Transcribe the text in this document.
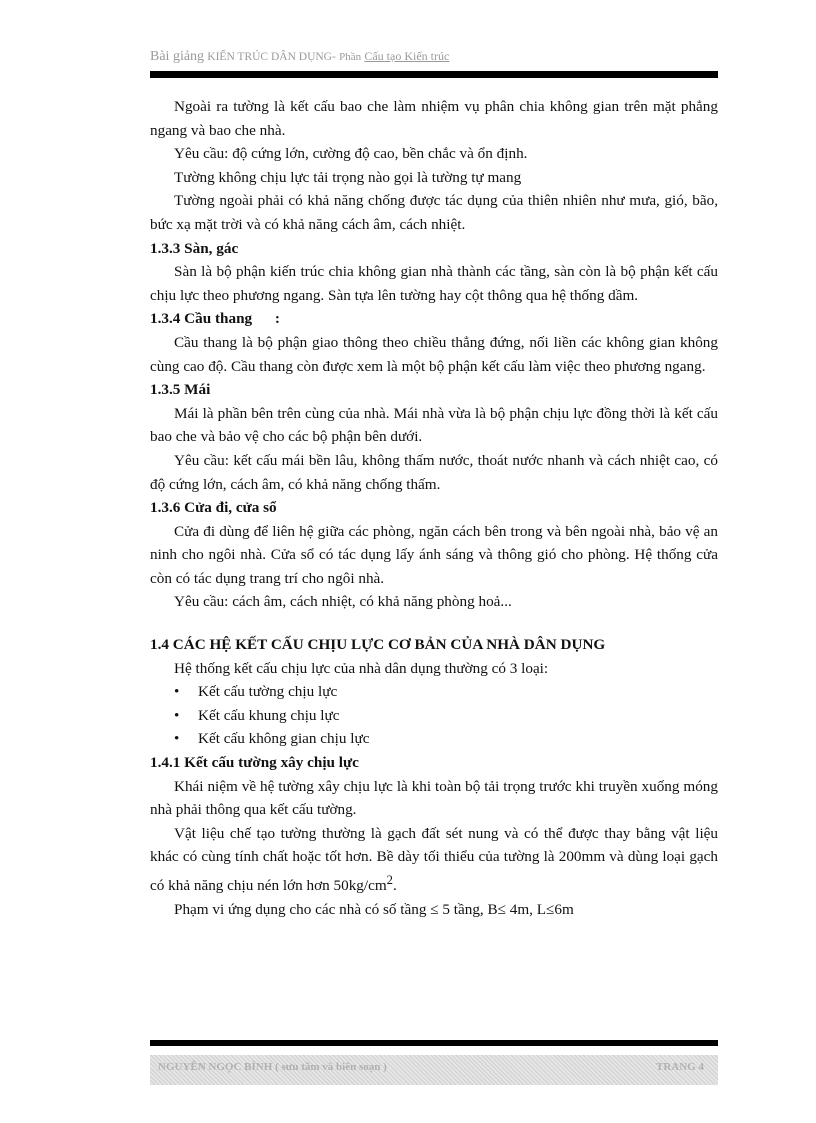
Bài giảng KIẾN TRÚC DÂN DỤNG- Phần Cấu tạo Kiến trúc

Ngoài ra tường là kết cấu bao che làm nhiệm vụ phân chia không gian trên mặt phẳng ngang và bao che nhà.

Yêu cầu: độ cứng lớn, cường độ cao, bền chắc và ổn định.

Tường không chịu lực tải trọng nào gọi là tường tự mang

Tường ngoài phải có khả năng chống được tác dụng của thiên nhiên như mưa, gió, bão, bức xạ mặt trời và có khả năng cách âm, cách nhiệt.

1.3.3 Sàn, gác

Sàn là bộ phận kiến trúc chia không gian nhà thành các tầng, sàn còn là bộ phận kết cấu chịu lực theo phương ngang. Sàn tựa lên tường hay cột thông qua hệ thống dầm.

1.3.4 Cầu thang      :

Cầu thang là bộ phận giao thông theo chiều thẳng đứng, nối liền các không gian không cùng cao độ. Cầu thang còn được xem là một bộ phận kết cấu làm việc theo phương ngang.

1.3.5 Mái

Mái là phần bên trên cùng của nhà. Mái nhà vừa là bộ phận chịu lực đồng thời là kết cấu bao che và bảo vệ cho các bộ phận bên dưới.

Yêu cầu: kết cấu mái bền lâu, không thấm nước, thoát nước nhanh và cách nhiệt cao, có độ cứng lớn, cách âm, có khả năng chống thấm.

1.3.6 Cửa đi, cửa sổ

Cửa đi dùng để liên hệ giữa các phòng, ngăn cách bên trong và bên ngoài nhà, bảo vệ an ninh cho ngôi nhà. Cửa sổ có tác dụng lấy ánh sáng và thông gió cho phòng. Hệ thống cửa còn có tác dụng trang trí cho ngôi nhà.

Yêu cầu: cách âm, cách nhiệt, có khả năng phòng hoả...

1.4 CÁC HỆ KẾT CẤU CHỊU LỰC CƠ BẢN CỦA NHÀ DÂN DỤNG

Hệ thống kết cấu chịu lực của nhà dân dụng thường có 3 loại:

• Kết cấu tường chịu lực

• Kết cấu khung chịu lực

• Kết cấu không gian chịu lực

1.4.1 Kết cấu tường xây chịu lực

Khái niệm về hệ tường xây chịu lực là khi toàn bộ tải trọng trước khi truyền xuống móng nhà phải thông qua kết cấu tường.

Vật liệu chế tạo tường thường là gạch đất sét nung và có thể được thay bằng vật liệu khác có cùng tính chất hoặc tốt hơn. Bề dày tối thiểu của tường là 200mm và dùng loại gạch có khả năng chịu nén lớn hơn $50kg/cm^2$.

Phạm vi ứng dụng cho các nhà có số tầng ≤ 5 tầng, B≤ 4m, L≤6m

NGUYỄN NGỌC BÌNH ( sưu tầm và biên soạn )	TRANG 4
